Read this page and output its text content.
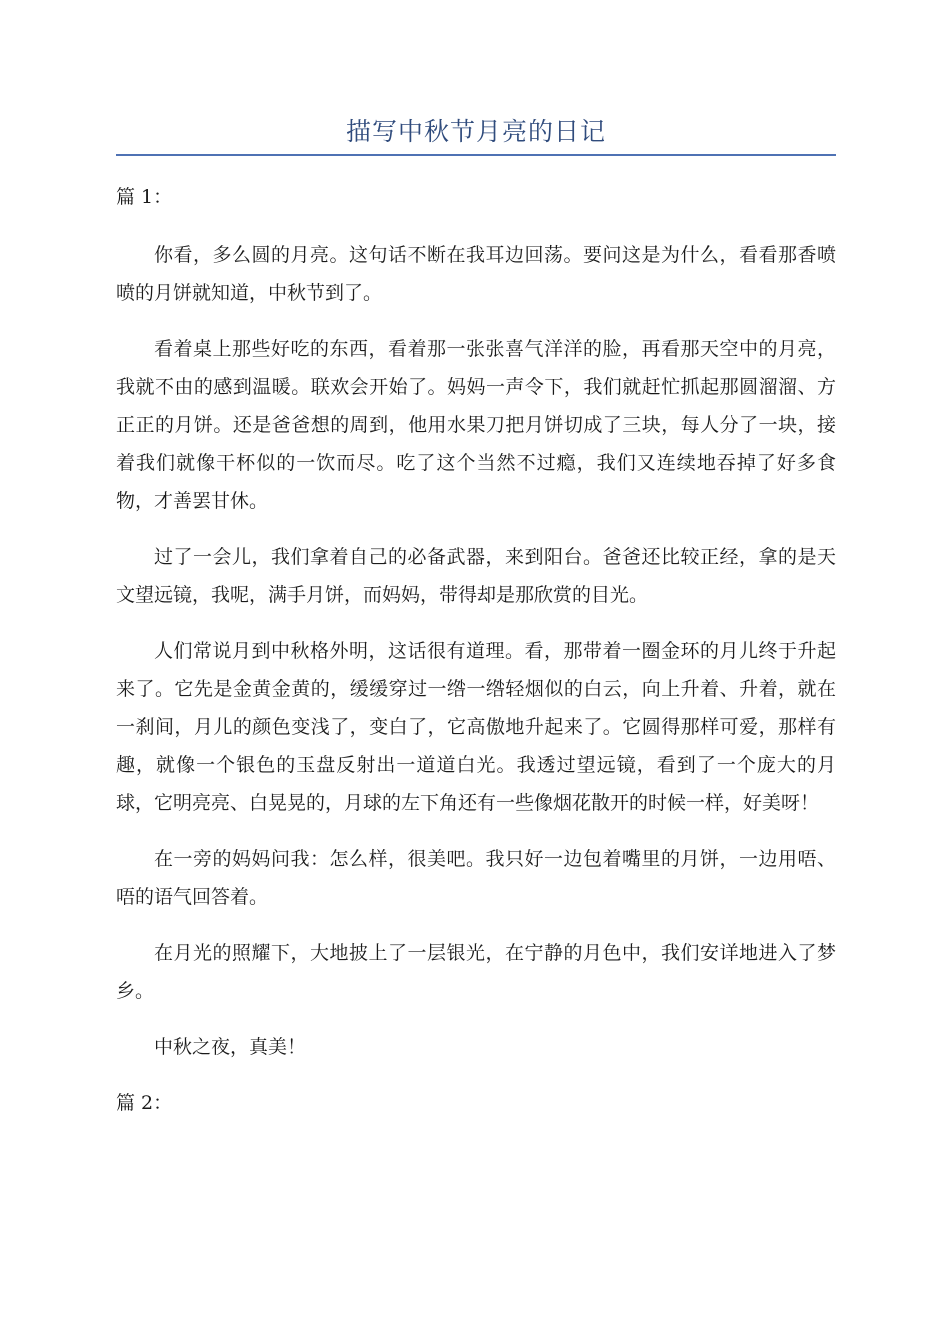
描写中秋节月亮的日记

篇 1：

你看，多么圆的月亮。这句话不断在我耳边回荡。要问这是为什么，看看那香喷喷的月饼就知道，中秋节到了。

看着桌上那些好吃的东西，看着那一张张喜气洋洋的脸，再看那天空中的月亮，我就不由的感到温暖。联欢会开始了。妈妈一声令下，我们就赶忙抓起那圆溜溜、方正正的月饼。还是爸爸想的周到，他用水果刀把月饼切成了三块，每人分了一块，接着我们就像干杯似的一饮而尽。吃了这个当然不过瘾，我们又连续地吞掉了好多食物，才善罢甘休。

过了一会儿，我们拿着自己的必备武器，来到阳台。爸爸还比较正经，拿的是天文望远镜，我呢，满手月饼，而妈妈，带得却是那欣赏的目光。

人们常说月到中秋格外明，这话很有道理。看，那带着一圈金环的月儿终于升起来了。它先是金黄金黄的，缓缓穿过一绺一绺轻烟似的白云，向上升着、升着，就在一刹间，月儿的颜色变浅了，变白了，它高傲地升起来了。它圆得那样可爱，那样有趣，就像一个银色的玉盘反射出一道道白光。我透过望远镜，看到了一个庞大的月球，它明亮亮、白晃晃的，月球的左下角还有一些像烟花散开的时候一样，好美呀！

在一旁的妈妈问我：怎么样，很美吧。我只好一边包着嘴里的月饼，一边用唔、唔的语气回答着。

在月光的照耀下，大地披上了一层银光，在宁静的月色中，我们安详地进入了梦乡。

中秋之夜，真美！

篇 2：
